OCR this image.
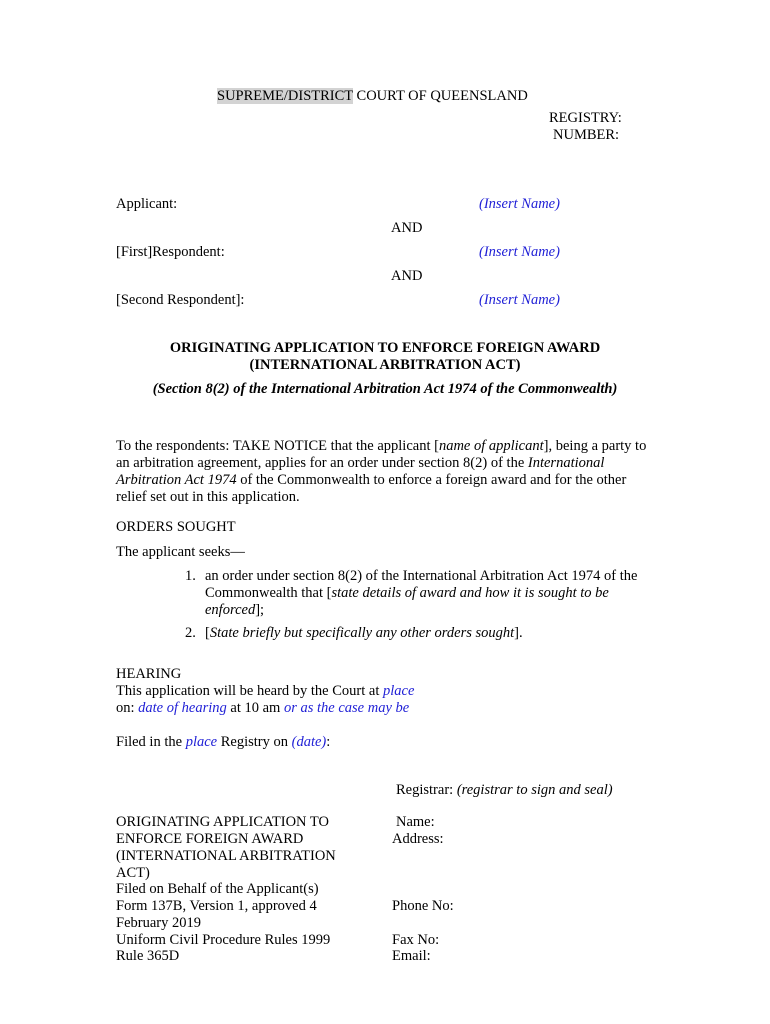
SUPREME/DISTRICT COURT OF QUEENSLAND
REGISTRY:
NUMBER:
Applicant:	(Insert Name)
AND
[First]Respondent:	(Insert Name)
AND
[Second Respondent]:	(Insert Name)
ORIGINATING APPLICATION TO ENFORCE FOREIGN AWARD
(INTERNATIONAL ARBITRATION ACT)
(Section 8(2) of the International Arbitration Act 1974 of the Commonwealth)
To the respondents: TAKE NOTICE that the applicant [name of applicant], being a party to an arbitration agreement, applies for an order under section 8(2) of the International Arbitration Act 1974 of the Commonwealth to enforce a foreign award and for the other relief set out in this application.
ORDERS SOUGHT
The applicant seeks—
1. an order under section 8(2) of the International Arbitration Act 1974 of the Commonwealth that [state details of award and how it is sought to be enforced];
2. [State briefly but specifically any other orders sought].
HEARING
This application will be heard by the Court at place
on: date of hearing at 10 am or as the case may be
Filed in the place Registry on (date):
Registrar: (registrar to sign and seal)
ORIGINATING APPLICATION TO
ENFORCE FOREIGN AWARD
(INTERNATIONAL ARBITRATION
ACT)
Filed on Behalf of the Applicant(s)
Form 137B, Version 1, approved 4
February 2019
Uniform Civil Procedure Rules 1999
Rule 365D
Name:
Address:
Phone No:
Fax No:
Email:
